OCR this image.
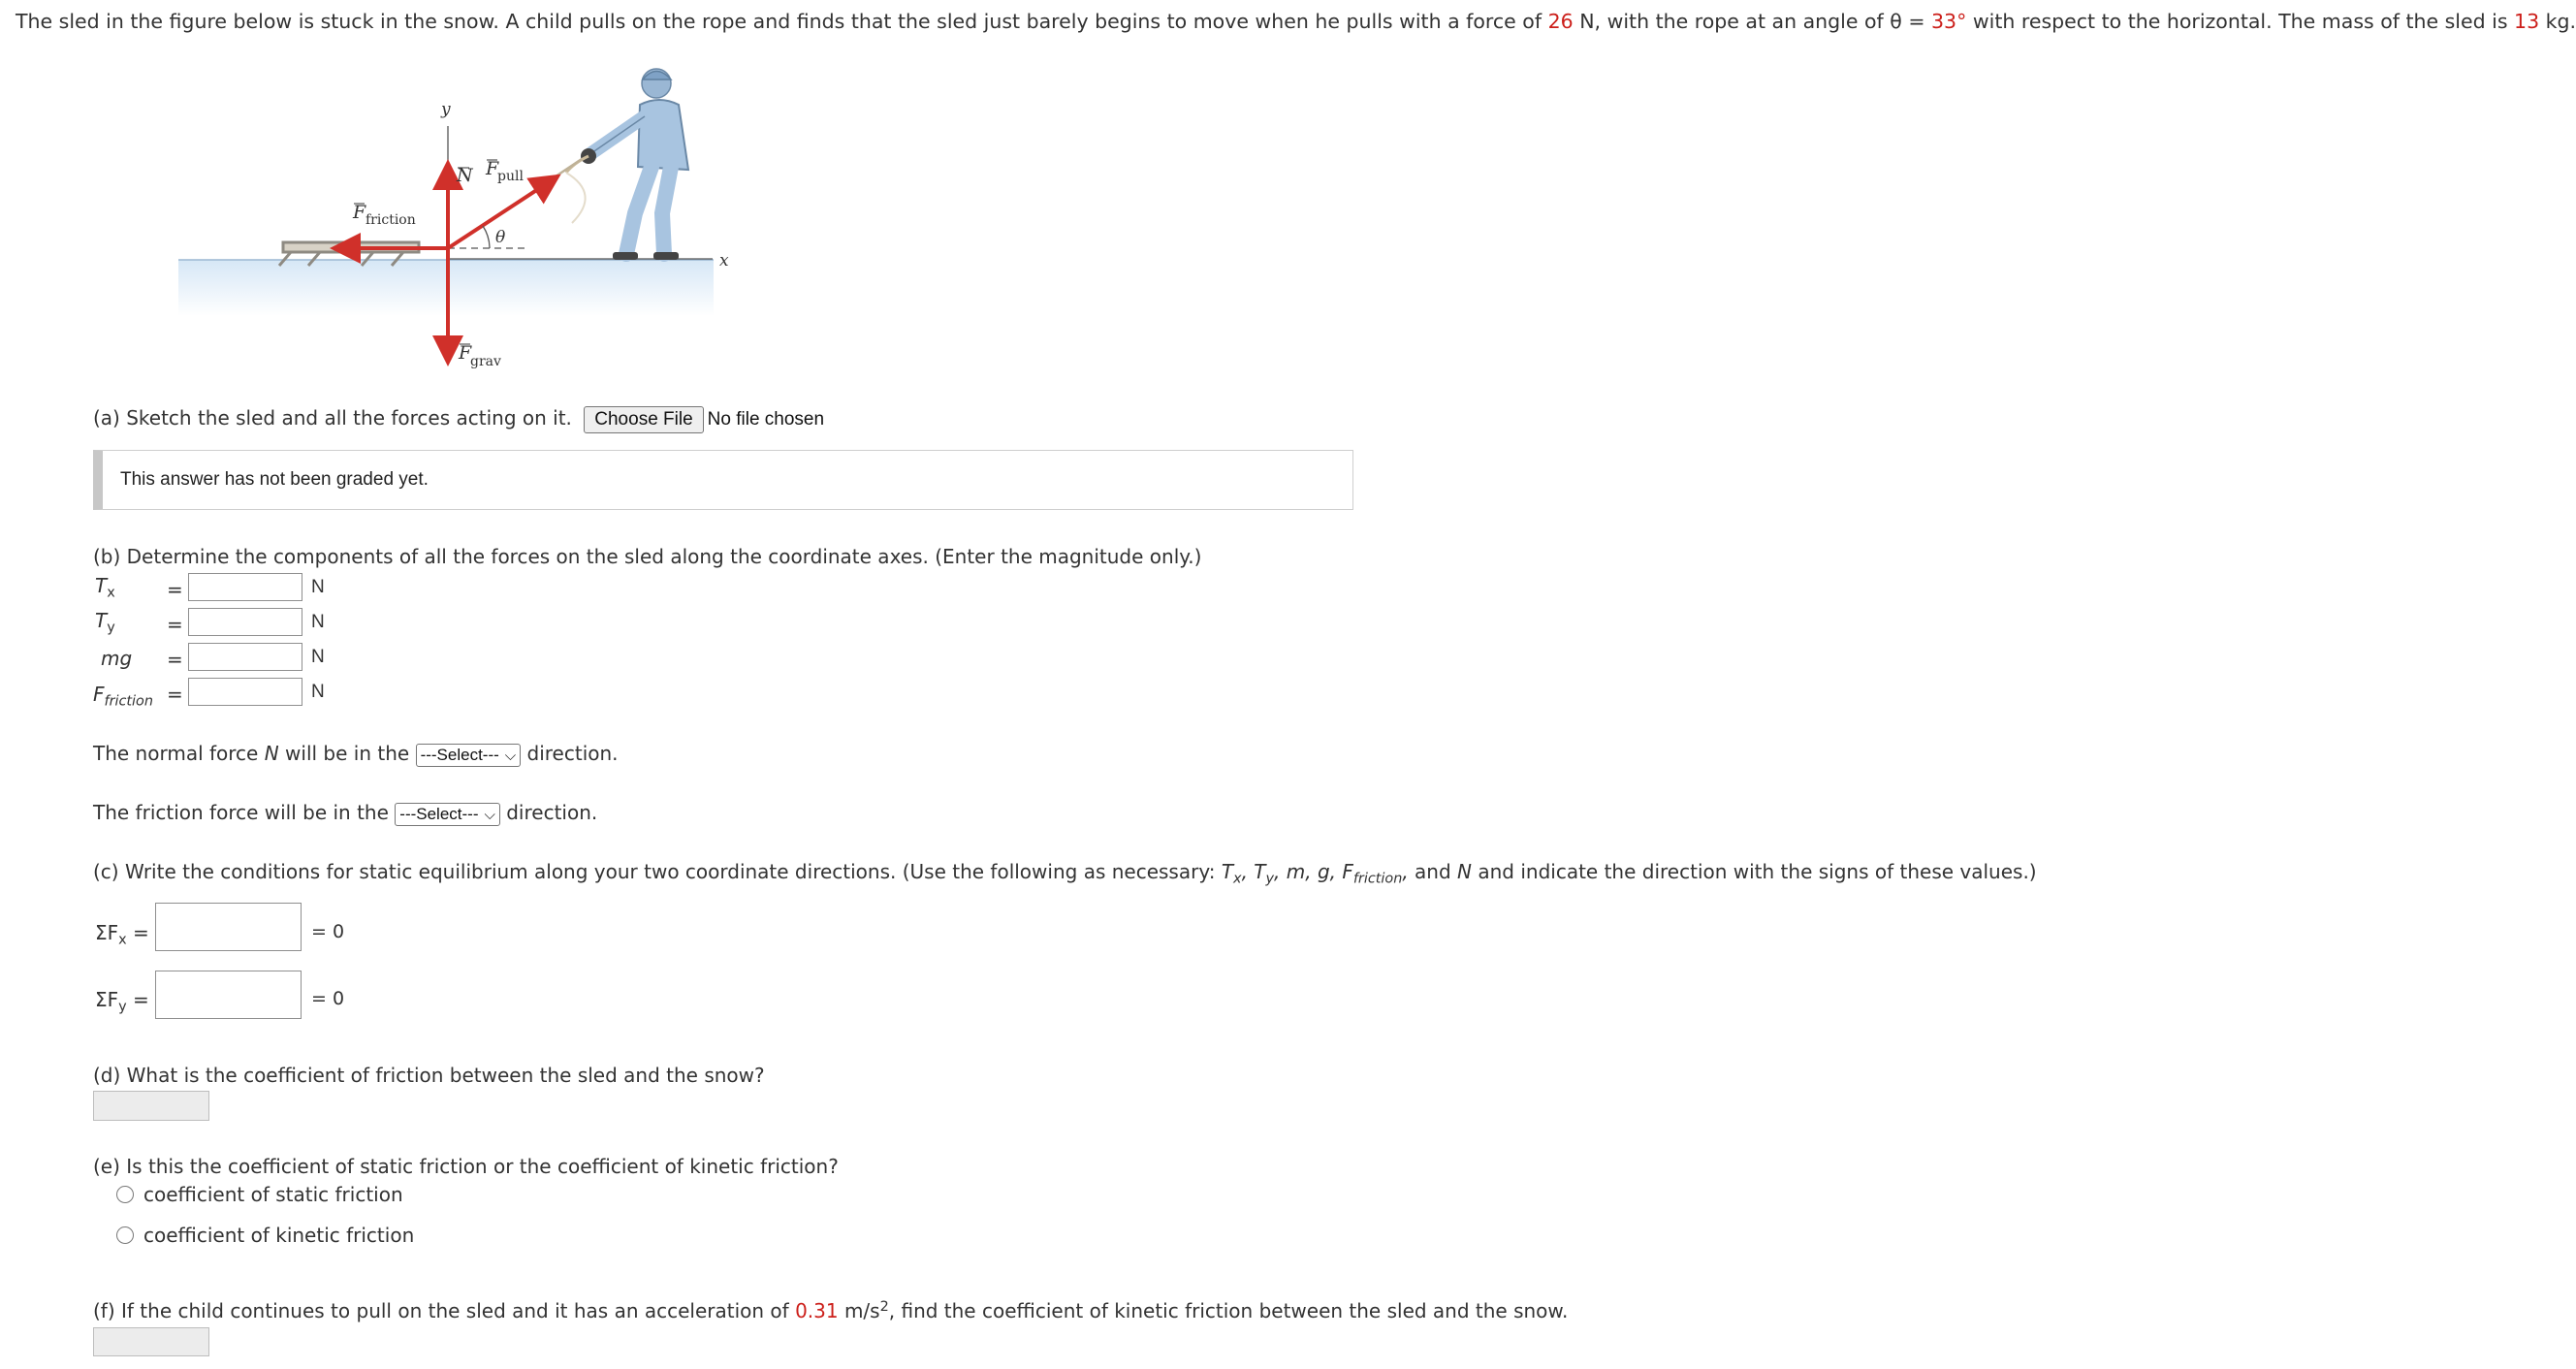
The sled in the figure below is stuck in the snow. A child pulls on the rope and finds that the sled just barely begins to move when he pulls with a force of 26 N, with the rope at an angle of θ = 33° with respect to the horizontal. The mass of the sled is 13 kg.
y
x
θ
N F
pull
F friction
F
grav
(a) Sketch the sled and all the forces acting on it. Choose File No file chosen
This answer has not been graded yet.
(b) Determine the components of all the forces on the sled along the coordinate axes. (Enter the magnitude only.)
$T_x$	=	N
$T_y$	=	N
mg =	N
$F_{friction}$ =	N
The normal force N will be in the ---Select--- ⌵ direction.
The friction force will be in the ---Select--- ⌵ direction.
(c) Write the conditions for static equilibrium along your two coordinate directions. (Use the following as necessary: $T_x$, $T_y$, m, g, $F_{friction}$, and N and indicate the direction with the signs of these values.)
$\Sigma F_x$ =	= 0
$\Sigma F_y$ =	= 0
(d) What is the coefficient of friction between the sled and the snow?
(e) Is this the coefficient of static friction or the coefficient of kinetic friction?
coefficient of static friction
coefficient of kinetic friction
(f) If the child continues to pull on the sled and it has an acceleration of 0.31 $m/s^2$, find the coefficient of kinetic friction between the sled and the snow.
